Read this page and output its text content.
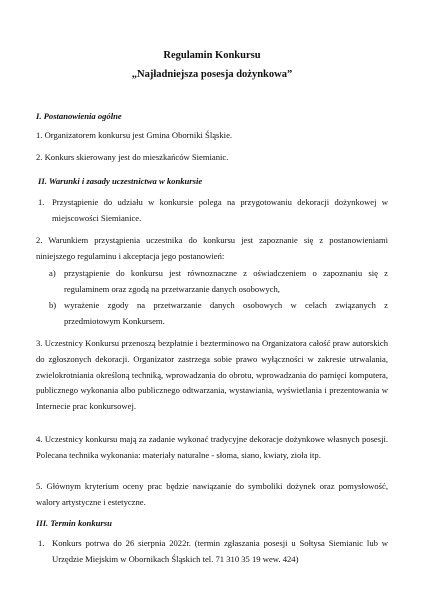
Regulamin Konkursu
„Najładniejsza posesja dożynkowa”
I. Postanowienia ogólne
1. Organizatorem konkursu jest Gmina Oborniki Śląskie.
2. Konkurs skierowany jest do mieszkańców Siemianic.
II. Warunki i zasady uczestnictwa w konkursie
1. Przystąpienie do udziału w konkursie polega na przygotowaniu dekoracji dożynkowej w miejscowości Siemianice.
2. Warunkiem przystąpienia uczestnika do konkursu jest zapoznanie się z postanowieniami niniejszego regulaminu i akceptacja jego postanowień:
a) przystąpienie do konkursu jest równoznaczne z oświadczeniem o zapoznaniu się z regulaminem oraz zgodą na przetwarzanie danych osobowych,
b) wyrażenie zgody na przetwarzanie danych osobowych w celach związanych z przedmiotowym Konkursem.
3. Uczestnicy Konkursu przenoszą bezpłatnie i bezterminowo na Organizatora całość praw autorskich do zgłoszonych dekoracji. Organizator zastrzega sobie prawo wyłączności w zakresie utrwalania, zwielokrotniania określoną techniką, wprowadzania do obrotu, wprowadzania do pamięci komputera, publicznego wykonania albo publicznego odtwarzania, wystawiania, wyświetlania i prezentowania w Internecie prac konkursowej.
4. Uczestnicy konkursu mają za zadanie wykonać tradycyjne dekoracje dożynkowe własnych posesji. Polecana technika wykonania: materiały naturalne - słoma, siano, kwiaty, zioła itp.
5. Głównym kryterium oceny prac będzie nawiązanie do symboliki dożynek oraz pomysłowość, walory artystyczne i estetyczne.
III. Termin konkursu
1. Konkurs potrwa do 26 sierpnia 2022r. (termin zgłaszania posesji u Sołtysa Siemianic lub w Urzędzie Miejskim w Obornikach Śląskich tel. 71 310 35 19 wew. 424)
